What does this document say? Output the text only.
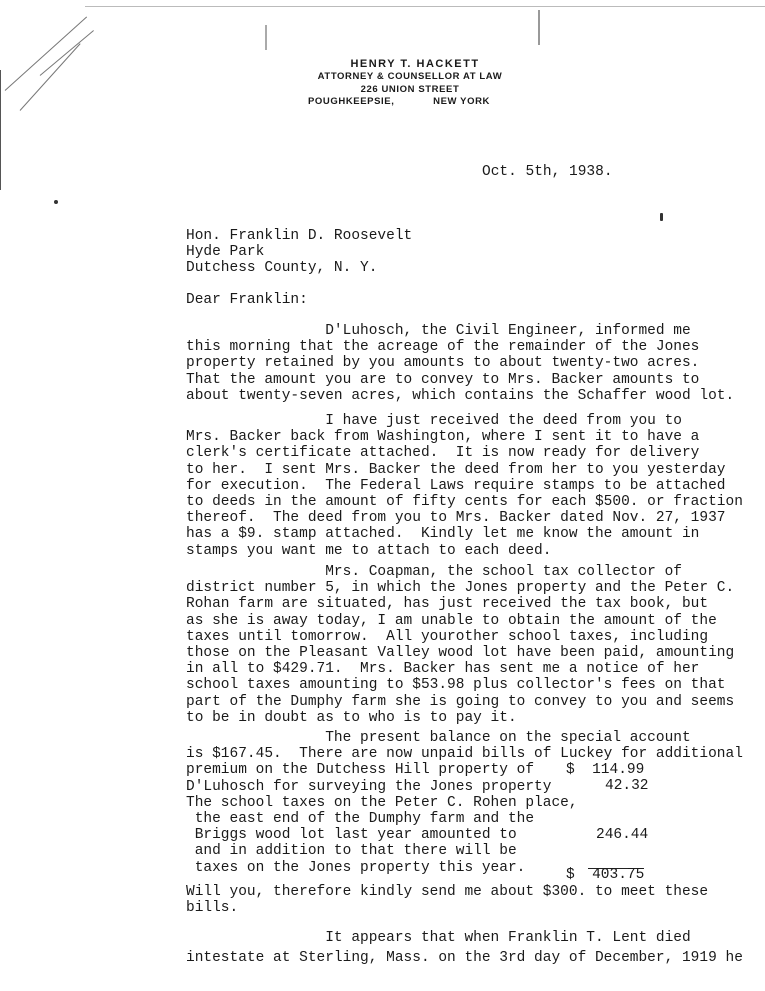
HENRY T. HACKETT
ATTORNEY & COUNSELLOR AT LAW
226 UNION STREET
POUGHKEEPSIE,	NEW YORK
Oct. 5th, 1938.
Hon. Franklin D. Roosevelt
Hyde Park
Dutchess County, N. Y.
Dear Franklin:
D'Luhosch, the Civil Engineer, informed me
this morning that the acreage of the remainder of the Jones
property retained by you amounts to about twenty-two acres.
That the amount you are to convey to Mrs. Backer amounts to
about twenty-seven acres, which contains the Schaffer wood lot.
I have just received the deed from you to
Mrs. Backer back from Washington, where I sent it to have a
clerk's certificate attached.  It is now ready for delivery
to her.  I sent Mrs. Backer the deed from her to you yesterday
for execution.  The Federal Laws require stamps to be attached
to deeds in the amount of fifty cents for each $500. or fraction
thereof.  The deed from you to Mrs. Backer dated Nov. 27, 1937
has a $9. stamp attached.  Kindly let me know the amount in
stamps you want me to attach to each deed.
Mrs. Coapman, the school tax collector of
district number 5, in which the Jones property and the Peter C.
Rohan farm are situated, has just received the tax book, but
as she is away today, I am unable to obtain the amount of the
taxes until tomorrow.  All yourother school taxes, including
those on the Pleasant Valley wood lot have been paid, amounting
in all to $429.71.  Mrs. Backer has sent me a notice of her
school taxes amounting to $53.98 plus collector's fees on that
part of the Dumphy farm she is going to convey to you and seems
to be in doubt as to who is to pay it.
The present balance on the special account
is $167.45.  There are now unpaid bills of Luckey for additional
premium on the Dutchess Hill property of
D'Luhosch for surveying the Jones property
The school taxes on the Peter C. Rohen place,
the east end of the Dumphy farm and the
Briggs wood lot last year amounted to
and in addition to that there will be
taxes on the Jones property this year.
$  114.99
42.32
246.44
$  403.75
Will you, therefore kindly send me about $300. to meet these
bills.
It appears that when Franklin T. Lent died
intestate at Sterling, Mass. on the 3rd day of December, 1919 he
